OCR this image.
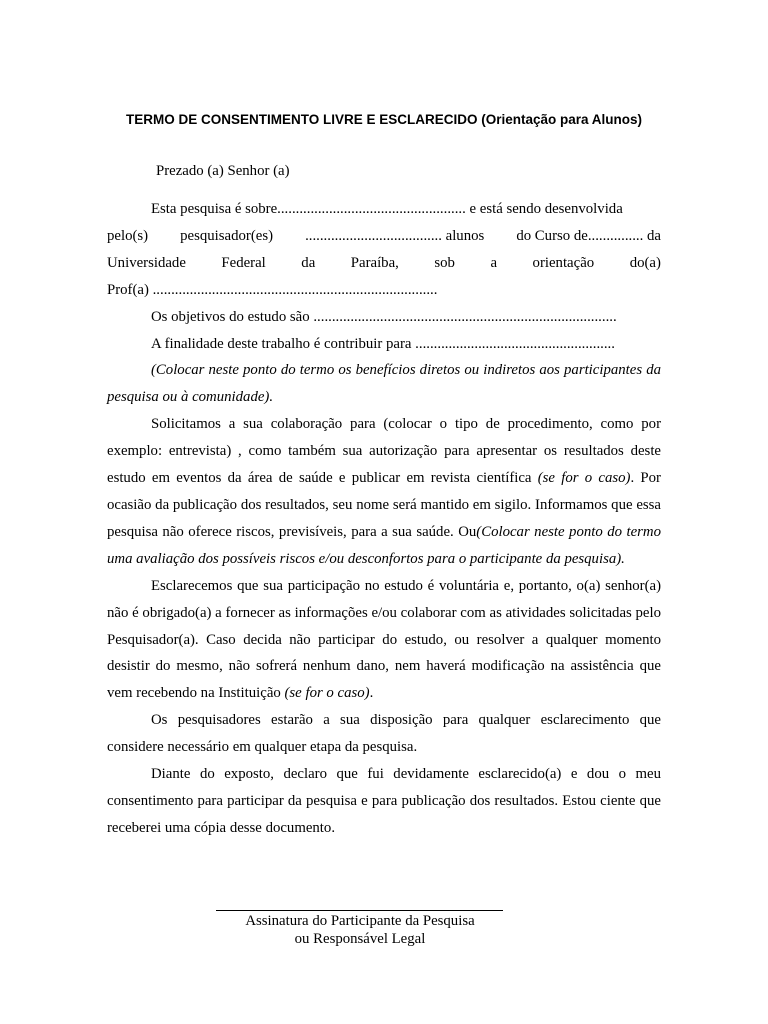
TERMO DE CONSENTIMENTO LIVRE E ESCLARECIDO (Orientação para Alunos)
Prezado (a) Senhor (a)

Esta pesquisa é sobre................................................... e está sendo desenvolvida

pelo(s) pesquisador(es) ..................................... alunos do Curso de............... da
Universidade Federal da Paraíba, sob a orientação do(a)

Prof(a) .............................................................................

Os objetivos do estudo são ..................................................................................

A finalidade deste trabalho é contribuir para ......................................................

(Colocar neste ponto do termo os benefícios diretos ou indiretos aos participantes da pesquisa ou à comunidade).

Solicitamos a sua colaboração para (colocar o tipo de procedimento, como por exemplo: entrevista) , como também sua autorização para apresentar os resultados deste estudo em eventos da área de saúde e publicar em revista científica (se for o caso). Por ocasião da publicação dos resultados, seu nome será mantido em sigilo. Informamos que essa pesquisa não oferece riscos, previsíveis, para a sua saúde. Ou(Colocar neste ponto do termo uma avaliação dos possíveis riscos e/ou desconfortos para o participante da pesquisa).

Esclarecemos que sua participação no estudo é voluntária e, portanto, o(a) senhor(a) não é obrigado(a) a fornecer as informações e/ou colaborar com as atividades solicitadas pelo Pesquisador(a). Caso decida não participar do estudo, ou resolver a qualquer momento desistir do mesmo, não sofrerá nenhum dano, nem haverá modificação na assistência que vem recebendo na Instituição (se for o caso).

Os pesquisadores estarão a sua disposição para qualquer esclarecimento que considere necessário em qualquer etapa da pesquisa.

Diante do exposto, declaro que fui devidamente esclarecido(a) e dou o meu consentimento para participar da pesquisa e para publicação dos resultados. Estou ciente que receberei uma cópia desse documento.

Assinatura do Participante da Pesquisa
ou Responsável Legal
